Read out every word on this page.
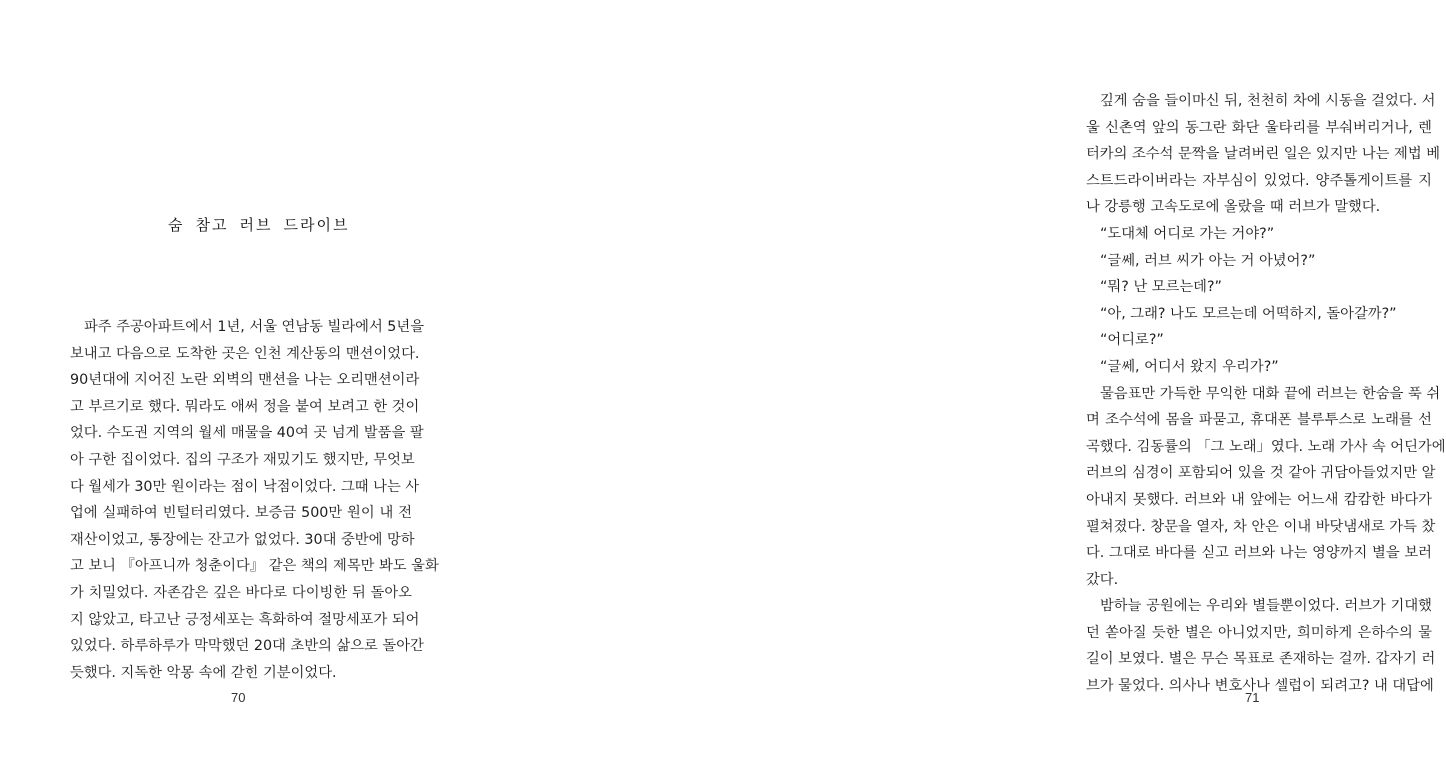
숨 참고 러브 드라이브
파주 주공아파트에서 1년, 서울 연남동 빌라에서 5년을
보내고 다음으로 도착한 곳은 인천 계산동의 맨션이었다.
90년대에 지어진 노란 외벽의 맨션을 나는 오리맨션이라
고 부르기로 했다. 뭐라도 애써 정을 붙여 보려고 한 것이
었다. 수도권 지역의 월세 매물을 40여 곳 넘게 발품을 팔
아 구한 집이었다. 집의 구조가 재밌기도 했지만, 무엇보
다 월세가 30만 원이라는 점이 낙점이었다. 그때 나는 사
업에 실패하여 빈털터리였다. 보증금 500만 원이 내 전
재산이었고, 통장에는 잔고가 없었다. 30대 중반에 망하
고 보니 『아프니까 청춘이다』 같은 책의 제목만 봐도 울화
가 치밀었다. 자존감은 깊은 바다로 다이빙한 뒤 돌아오
지 않았고, 타고난 긍정세포는 흑화하여 절망세포가 되어
있었다. 하루하루가 막막했던 20대 초반의 삶으로 돌아간
듯했다. 지독한 악몽 속에 갇힌 기분이었다.
70
깊게 숨을 들이마신 뒤, 천천히 차에 시동을 걸었다. 서
울 신촌역 앞의 동그란 화단 울타리를 부숴버리거나, 렌
터카의 조수석 문짝을 날려버린 일은 있지만 나는 제법 베
스트드라이버라는 자부심이 있었다. 양주톨게이트를 지
나 강릉행 고속도로에 올랐을 때 러브가 말했다.
“도대체 어디로 가는 거야?”
“글쎄, 러브 씨가 아는 거 아녔어?”
“뭐? 난 모르는데?”
“아, 그래? 나도 모르는데 어떡하지, 돌아갈까?”
“어디로?”
“글쎄, 어디서 왔지 우리가?”
물음표만 가득한 무익한 대화 끝에 러브는 한숨을 푹 쉬
며 조수석에 몸을 파묻고, 휴대폰 블루투스로 노래를 선
곡했다. 김동률의 「그 노래」였다. 노래 가사 속 어딘가에
러브의 심경이 포함되어 있을 것 같아 귀담아들었지만 알
아내지 못했다. 러브와 내 앞에는 어느새 캄캄한 바다가
펼쳐졌다. 창문을 열자, 차 안은 이내 바닷냄새로 가득 찼
다. 그대로 바다를 싣고 러브와 나는 영양까지 별을 보러
갔다.
밤하늘 공원에는 우리와 별들뿐이었다. 러브가 기대했
던 쏟아질 듯한 별은 아니었지만, 희미하게 은하수의 물
길이 보였다. 별은 무슨 목표로 존재하는 걸까. 갑자기 러
브가 물었다. 의사나 변호사나 셀럽이 되려고? 내 대답에
71
